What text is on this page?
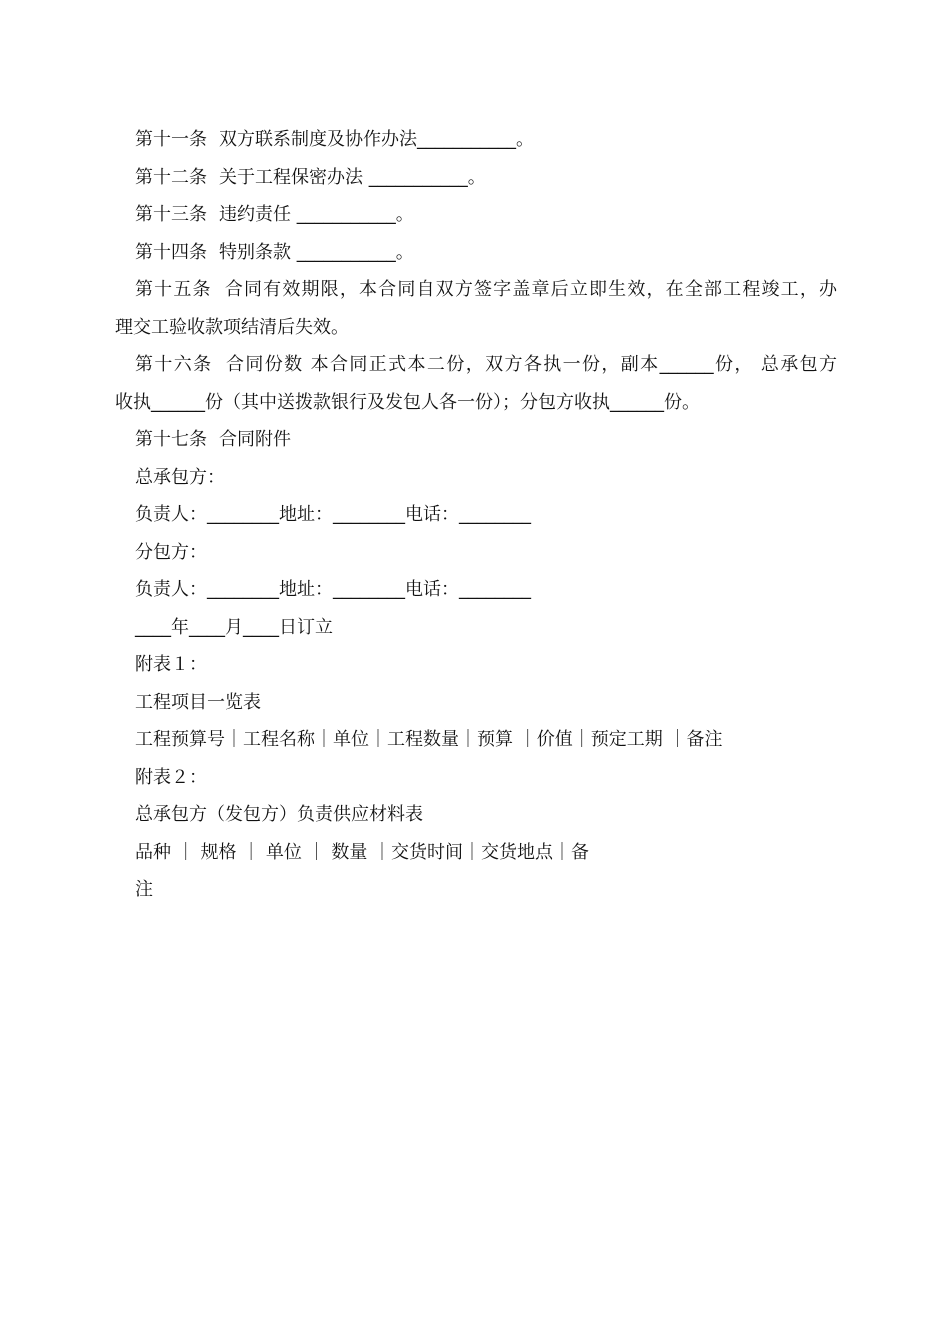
第十一条 双方联系制度及协作办法___________。
第十二条 关于工程保密办法 ___________。
第十三条 违约责任 ___________。
第十四条 特别条款 ___________。
第十五条 合同有效期限，本合同自双方签字盖章后立即生效，在全部工程竣工，办
理交工验收款项结清后失效。
第十六条 合同份数 本合同正式本二份，双方各执一份，副本______份， 总承包方
收执______份（其中送拨款银行及发包人各一份）；分包方收执______份。
第十七条 合同附件
总承包方：
负责人：________地址：________电话：________
分包方：
负责人：________地址：________电话：________
____年____月____日订立
附表１：
工程项目一览表
工程预算号｜工程名称｜单位｜工程数量｜预算 ｜价值｜预定工期 ｜备注
附表２：
总承包方（发包方）负责供应材料表
品种 ｜ 规格 ｜ 单位 ｜ 数量 ｜交货时间｜交货地点｜备
注
